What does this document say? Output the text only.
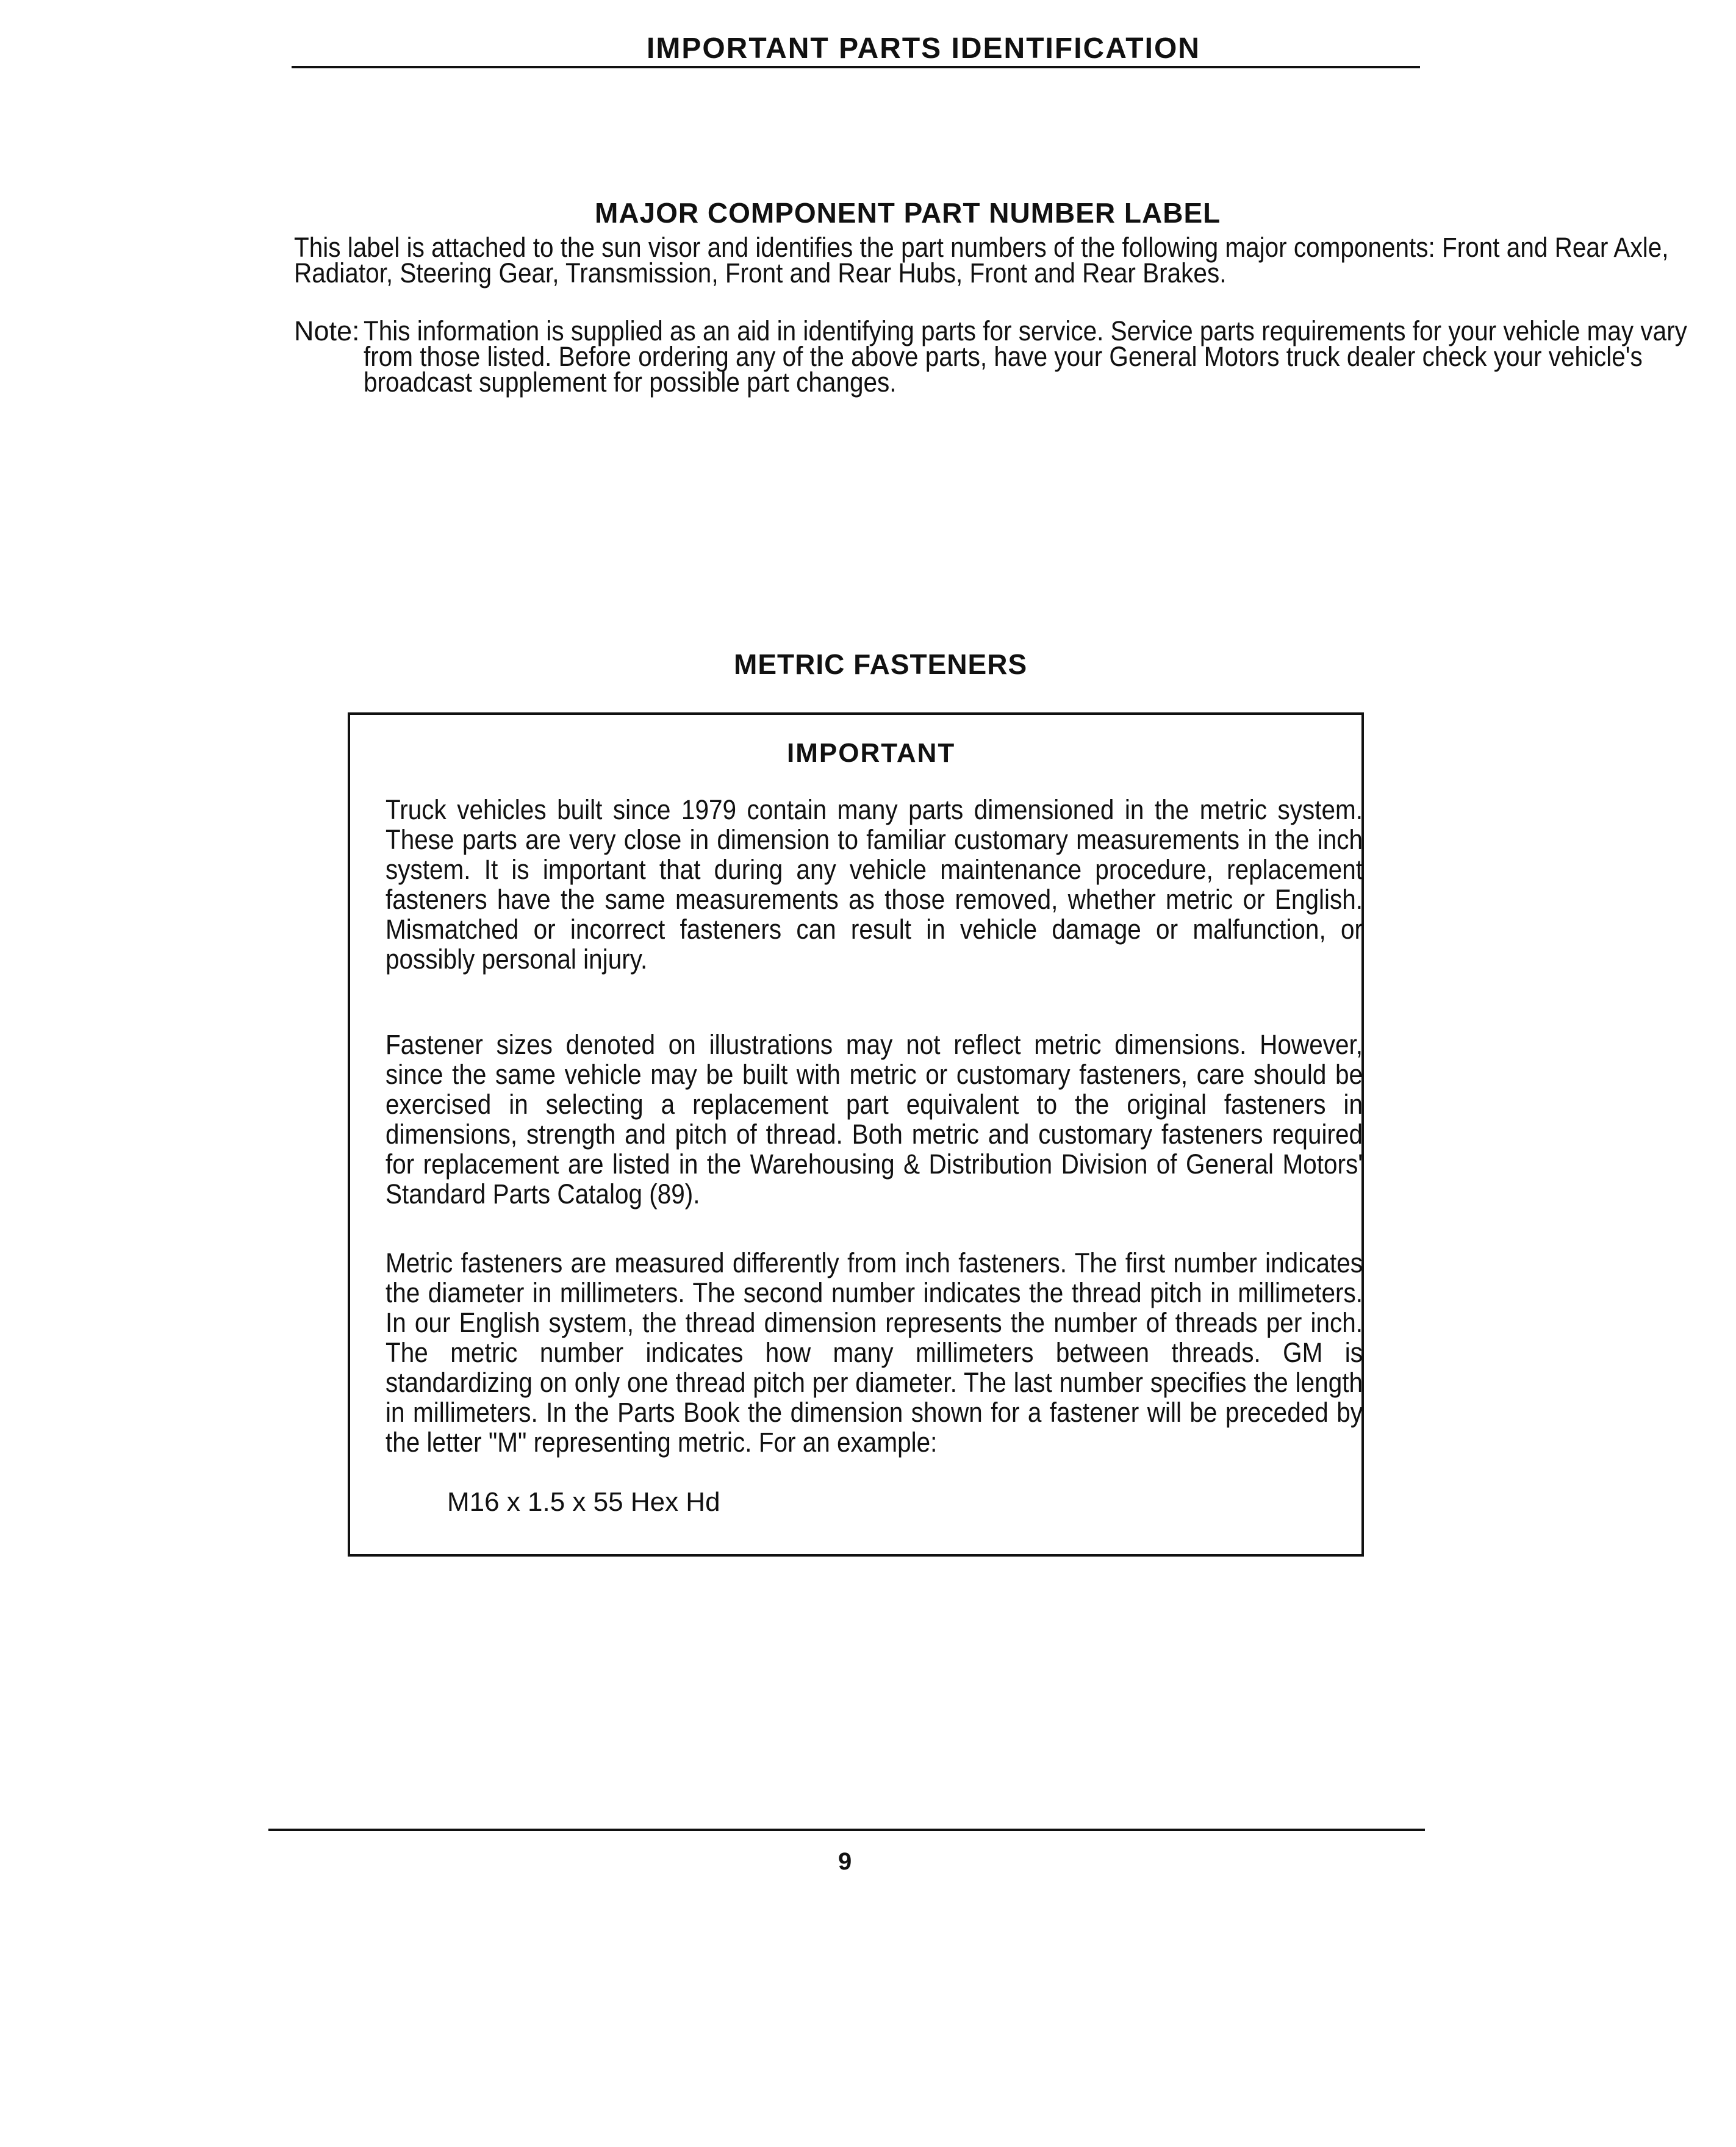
IMPORTANT PARTS IDENTIFICATION
MAJOR COMPONENT PART NUMBER LABEL
This label is attached to the sun visor and identifies the part numbers of the following major components: Front and Rear Axle, Radiator, Steering Gear, Transmission, Front and Rear Hubs, Front and Rear Brakes.
Note: This information is supplied as an aid in identifying parts for service. Service parts requirements for your vehicle may vary from those listed. Before ordering any of the above parts, have your General Motors truck dealer check your vehicle's broadcast supplement for possible part changes.
METRIC FASTENERS
IMPORTANT
Truck vehicles built since 1979 contain many parts dimensioned in the metric system. These parts are very close in dimension to familiar customary measurements in the inch system. It is important that during any vehicle maintenance procedure, replacement fasteners have the same measurements as those removed, whether metric or English. Mismatched or incorrect fasteners can result in vehicle damage or malfunction, or possibly personal injury.
Fastener sizes denoted on illustrations may not reflect metric dimensions. However, since the same vehicle may be built with metric or customary fasteners, care should be exercised in selecting a replacement part equivalent to the original fasteners in dimensions, strength and pitch of thread. Both metric and customary fasteners required for replacement are listed in the Warehousing & Distribution Division of General Motors' Standard Parts Catalog (89).
Metric fasteners are measured differently from inch fasteners. The first number indicates the diameter in millimeters. The second number indicates the thread pitch in millimeters. In our English system, the thread dimension represents the number of threads per inch. The metric number indicates how many millimeters between threads. GM is standardizing on only one thread pitch per diameter. The last number specifies the length in millimeters. In the Parts Book the dimension shown for a fastener will be preceded by the letter "M" representing metric. For an example:
M16 x 1.5 x 55 Hex Hd
9
